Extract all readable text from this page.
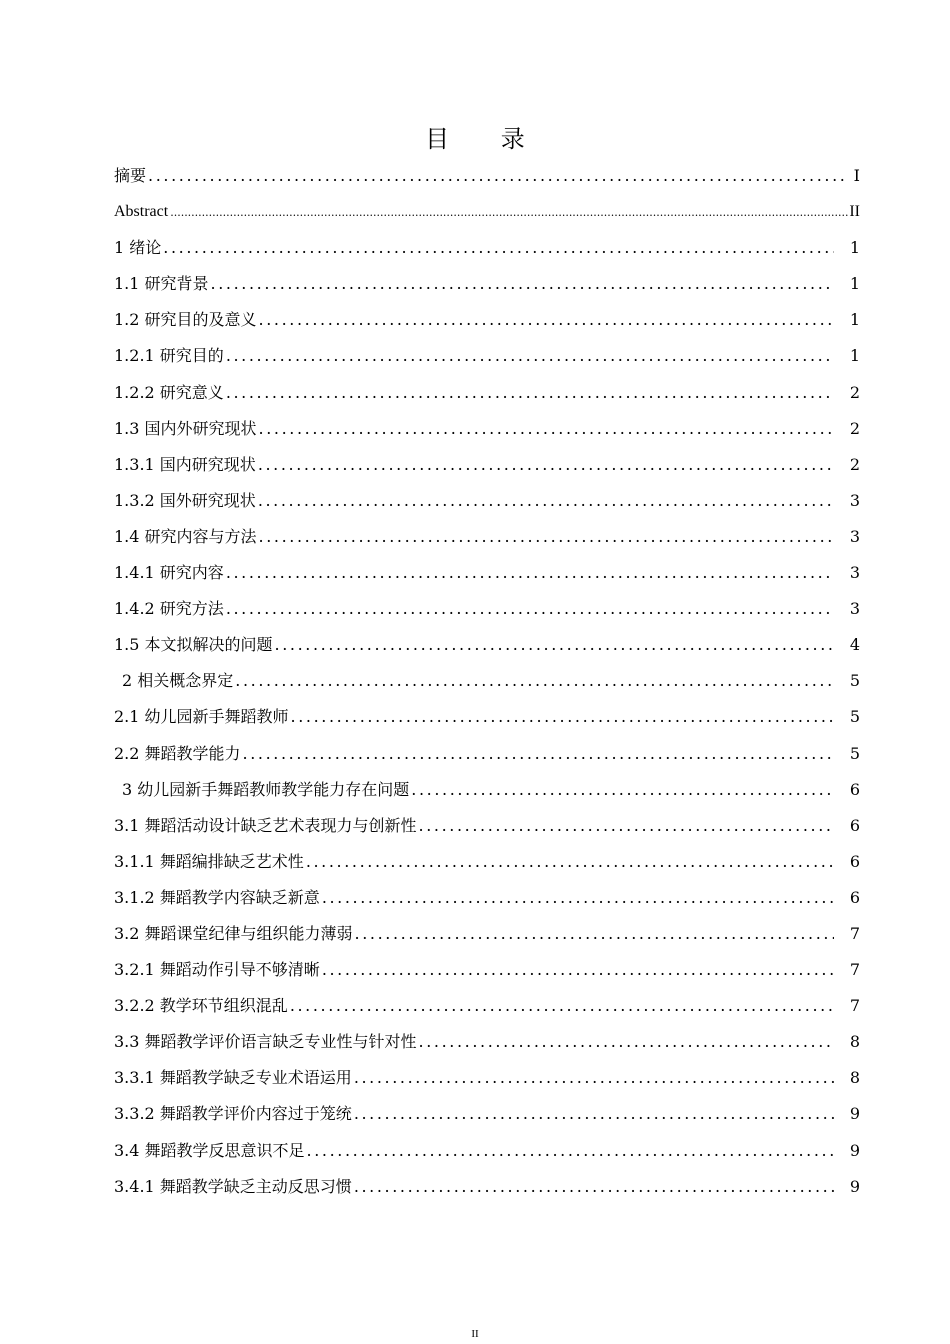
目 录
摘要 .....	I
Abstract .....	II
1 绪论 .....	1
1.1 研究背景 .....	1
1.2 研究目的及意义 .....	1
1.2.1 研究目的 .....	1
1.2.2 研究意义 .....	2
1.3 国内外研究现状 .....	2
1.3.1 国内研究现状 .....	2
1.3.2 国外研究现状 .....	3
1.4 研究内容与方法 .....	3
1.4.1 研究内容 .....	3
1.4.2 研究方法 .....	3
1.5 本文拟解决的问题 .....	4
2 相关概念界定 .....	5
2.1 幼儿园新手舞蹈教师 .....	5
2.2 舞蹈教学能力 .....	5
3 幼儿园新手舞蹈教师教学能力存在问题 .....	6
3.1 舞蹈活动设计缺乏艺术表现力与创新性 .....	6
3.1.1 舞蹈编排缺乏艺术性 .....	6
3.1.2 舞蹈教学内容缺乏新意 .....	6
3.2 舞蹈课堂纪律与组织能力薄弱 .....	7
3.2.1 舞蹈动作引导不够清晰 .....	7
3.2.2 教学环节组织混乱 .....	7
3.3 舞蹈教学评价语言缺乏专业性与针对性 .....	8
3.3.1 舞蹈教学缺乏专业术语运用 .....	8
3.3.2 舞蹈教学评价内容过于笼统 .....	9
3.4 舞蹈教学反思意识不足 .....	9
3.4.1 舞蹈教学缺乏主动反思习惯 .....	9
II
